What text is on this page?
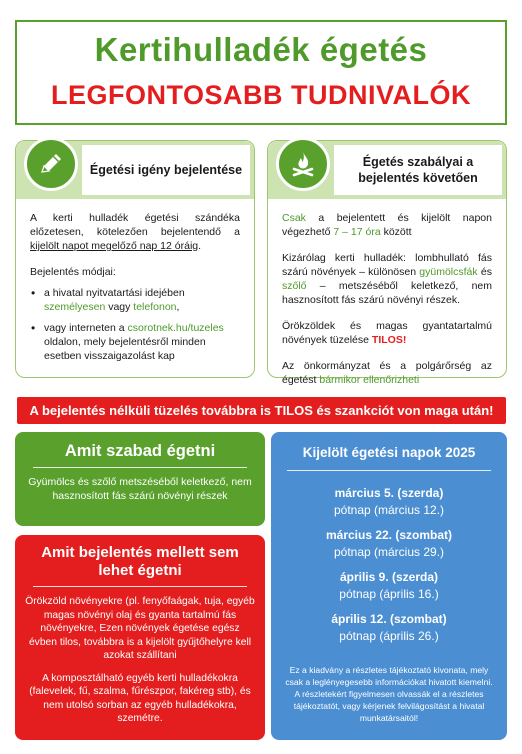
Kertihulladék égetés
LEGFONTOSABB TUDNIVALÓK
Égetési igény bejelentése

A kerti hulladék égetési szándéka előzetesen, kötelezően bejelentendő a kijelölt napot megelőző nap 12 óráig.

Bejelentés módjai:
• a hivatal nyitvatartási idejében személyesen vagy telefonon,
• vagy interneten a csorotnek.hu/tuzeles oldalon, mely bejelentésről minden esetben visszaigazolást kap
Égetés szabályai a bejelentés követően

Csak a bejelentett és kijelölt napon végezhető 7 – 17 óra között

Kizárólag kerti hulladék: lombhullató fás szárú növények – különösen gyümölcsfák és szőlő – metszéséből keletkező, nem hasznosított fás szárú növényi részek.

Örökzöldek és magas gyantatartalmú növények tüzelése TILOS!

Az önkormányzat és a polgárőrség az égetést bármikor ellenőrizheti

A bejelentés nélküli tüzelés továbbra is TILOS és szankciót von maga után!
Amit szabad égetni
Gyümölcs és szőlő metszéséből keletkező, nem hasznosított fás szárú növényi részek
Amit bejelentés mellett sem lehet égetni

Örökzöld növényekre (pl. fenyőfaágak, tuja, egyéb magas növényi olaj és gyanta tartalmú fás növényekre, Ezen növények égetése egész évben tilos, továbbra is a kijelölt gyűjtőhelyre kell azokat szállítani

A komposztálható egyéb kerti hulladékokra (falevelek, fű, szalma, fűrészpor, fakéreg stb), és nem utolsó sorban az egyéb hulladékokra, szemétre.

Kijelölt égetési napok 2025
március 5. (szerda)
pótnap (március 12.)
március 22. (szombat)
pótnap (március 29.)
április 9. (szerda)
pótnap (április 16.)
április 12. (szombat)
pótnap (április 26.)
Ez a kiadvány a részletes tájékoztató kivonata, mely csak a leglényegesebb információkat hivatott kiemelni. A részletekért figyelmesen olvassák el a részletes tájékoztatót, vagy kérjenek felvilágosítást a hivatal munkatársaitól!
